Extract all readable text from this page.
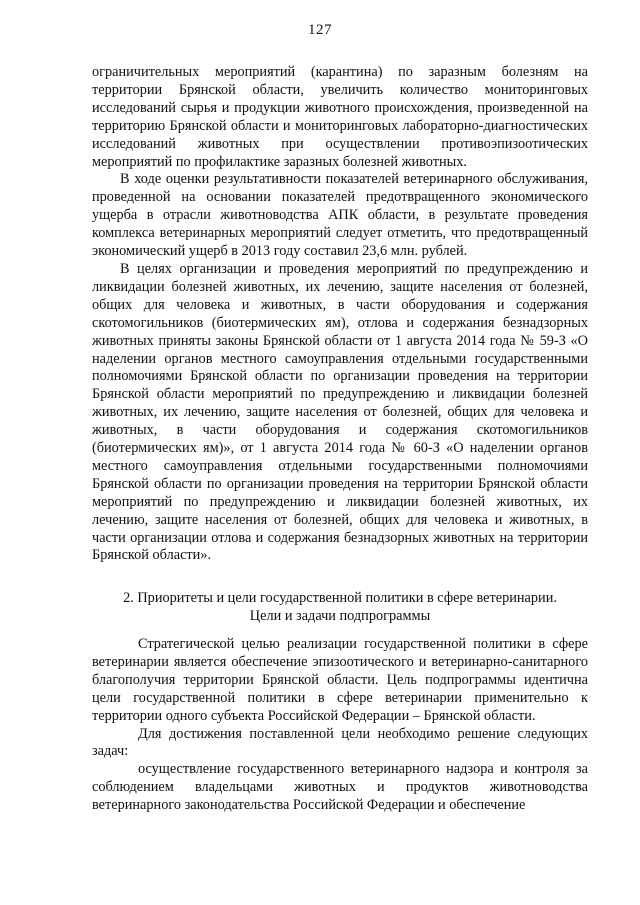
127

ограничительных мероприятий (карантина) по заразным болезням на территории Брянской области, увеличить количество мониторинговых исследований сырья и продукции животного происхождения, произведенной на территорию Брянской области и мониторинговых лабораторно-диагностических исследований животных при осуществлении противоэпизоотических мероприятий по профилактике заразных болезней животных.

В ходе оценки результативности показателей ветеринарного обслуживания, проведенной на основании показателей предотвращенного экономического ущерба в отрасли животноводства АПК области, в результате проведения комплекса ветеринарных мероприятий следует отметить, что предотвращенный экономический ущерб в 2013 году составил 23,6 млн. рублей.

В целях организации и проведения мероприятий по предупреждению и ликвидации болезней животных, их лечению, защите населения от болезней, общих для человека и животных, в части оборудования и содержания скотомогильников (биотермических ям), отлова и содержания безнадзорных животных приняты законы Брянской области от 1 августа 2014 года № 59-З «О наделении органов местного самоуправления отдельными государственными полномочиями Брянской области по организации проведения на территории Брянской области мероприятий по предупреждению и ликвидации болезней животных, их лечению, защите населения от болезней, общих для человека и животных, в части оборудования и содержания скотомогильников (биотермических ям)», от 1 августа 2014 года № 60-З «О наделении органов местного самоуправления отдельными государственными полномочиями Брянской области по организации проведения на территории Брянской области мероприятий по предупреждению и ликвидации болезней животных, их лечению, защите населения от болезней, общих для человека и животных, в части организации отлова и содержания безнадзорных животных на территории Брянской области».

2. Приоритеты и цели государственной политики в сфере ветеринарии.
Цели и задачи подпрограммы

Стратегической целью реализации государственной политики в сфере ветеринарии является обеспечение эпизоотического и ветеринарно-санитарного благополучия территории Брянской области. Цель подпрограммы идентична цели государственной политики в сфере ветеринарии применительно к территории одного субъекта Российской Федерации – Брянской области.

Для достижения поставленной цели необходимо решение следующих задач:

осуществление государственного ветеринарного надзора и контроля за соблюдением владельцами животных и продуктов животноводства ветеринарного законодательства Российской Федерации и обеспечение
